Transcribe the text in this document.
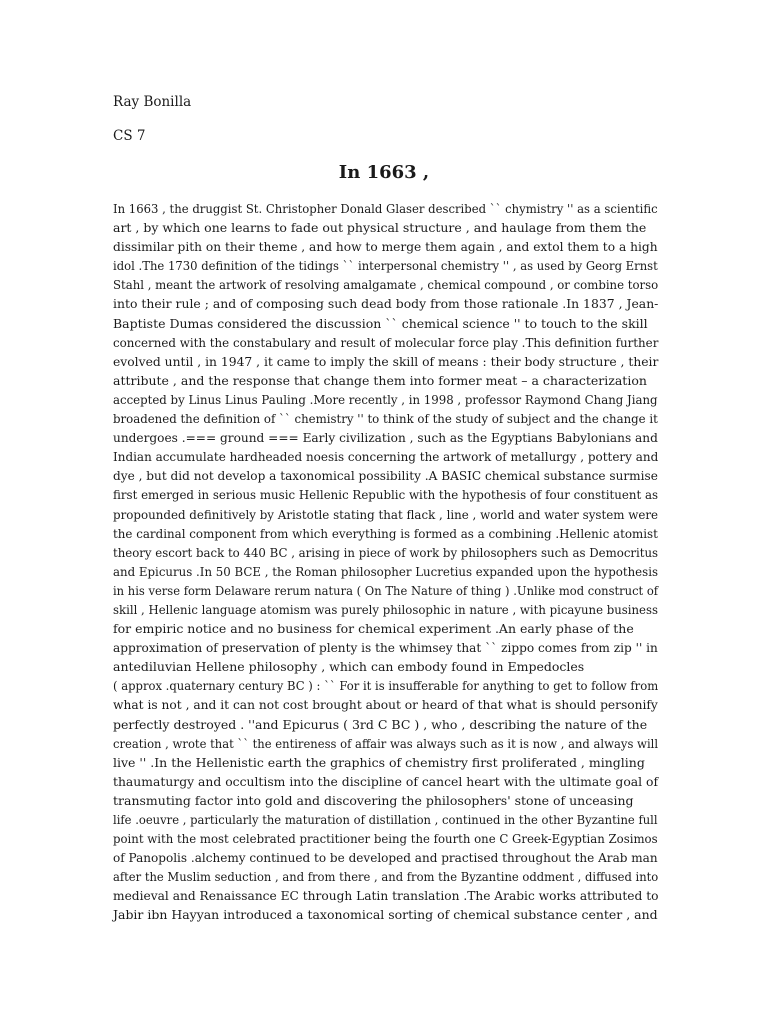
Ray Bonilla
CS 7
In 1663 ,
In 1663 , the druggist St. Christopher Donald Glaser described `` chymistry '' as a scientific
art , by which one learns to fade out physical structure , and haulage from them the
dissimilar pith on their theme , and how to merge them again , and extol them to a high
idol .The 1730 definition of the tidings `` interpersonal chemistry '' , as used by Georg Ernst
Stahl , meant the artwork of resolving amalgamate , chemical compound , or combine torso
into their rule ; and of composing such dead body from those rationale .In 1837 , Jean-
Baptiste Dumas considered the discussion `` chemical science '' to touch to the skill
concerned with the constabulary and result of molecular force play .This definition further
evolved until , in 1947 , it came to imply the skill of means : their body structure , their
attribute , and the response that change them into former meat – a characterization
accepted by Linus Linus Pauling .More recently , in 1998 , professor Raymond Chang Jiang
broadened the definition of `` chemistry '' to think of the study of subject and the change it
undergoes .=== ground === Early civilization , such as the Egyptians Babylonians and
Indian accumulate hardheaded noesis concerning the artwork of metallurgy , pottery and
dye , but did not develop a taxonomical possibility .A BASIC chemical substance surmise
first emerged in serious music Hellenic Republic with the hypothesis of four constituent as
propounded definitively by Aristotle stating that flack , line , world and water system were
the cardinal component from which everything is formed as a combining .Hellenic atomist
theory escort back to 440 BC , arising in piece of work by philosophers such as Democritus
and Epicurus .In 50 BCE , the Roman philosopher Lucretius expanded upon the hypothesis
in his verse form Delaware rerum natura ( On The Nature of thing ) .Unlike mod construct of
skill , Hellenic language atomism was purely philosophic in nature , with picayune business
for empiric notice and no business for chemical experiment .An early phase of the
approximation of preservation of plenty is the whimsey that `` zippo comes from zip '' in
antediluvian Hellene philosophy , which can embody found in Empedocles
( approx .quaternary century BC ) : `` For it is insufferable for anything to get to follow from
what is not , and it can not cost brought about or heard of that what is should personify
perfectly destroyed . ''and Epicurus ( 3rd C BC ) , who , describing the nature of the
creation , wrote that `` the entireness of affair was always such as it is now , and always will
live '' .In the Hellenistic earth the graphics of chemistry first proliferated , mingling
thaumaturgy and occultism into the discipline of cancel heart with the ultimate goal of
transmuting factor into gold and discovering the philosophers' stone of unceasing
life .oeuvre , particularly the maturation of distillation , continued in the other Byzantine full
point with the most celebrated practitioner being the fourth one C Greek-Egyptian Zosimos
of Panopolis .alchemy continued to be developed and practised throughout the Arab man
after the Muslim seduction , and from there , and from the Byzantine oddment , diffused into
medieval and Renaissance EC through Latin translation .The Arabic works attributed to
Jabir ibn Hayyan introduced a taxonomical sorting of chemical substance center , and
